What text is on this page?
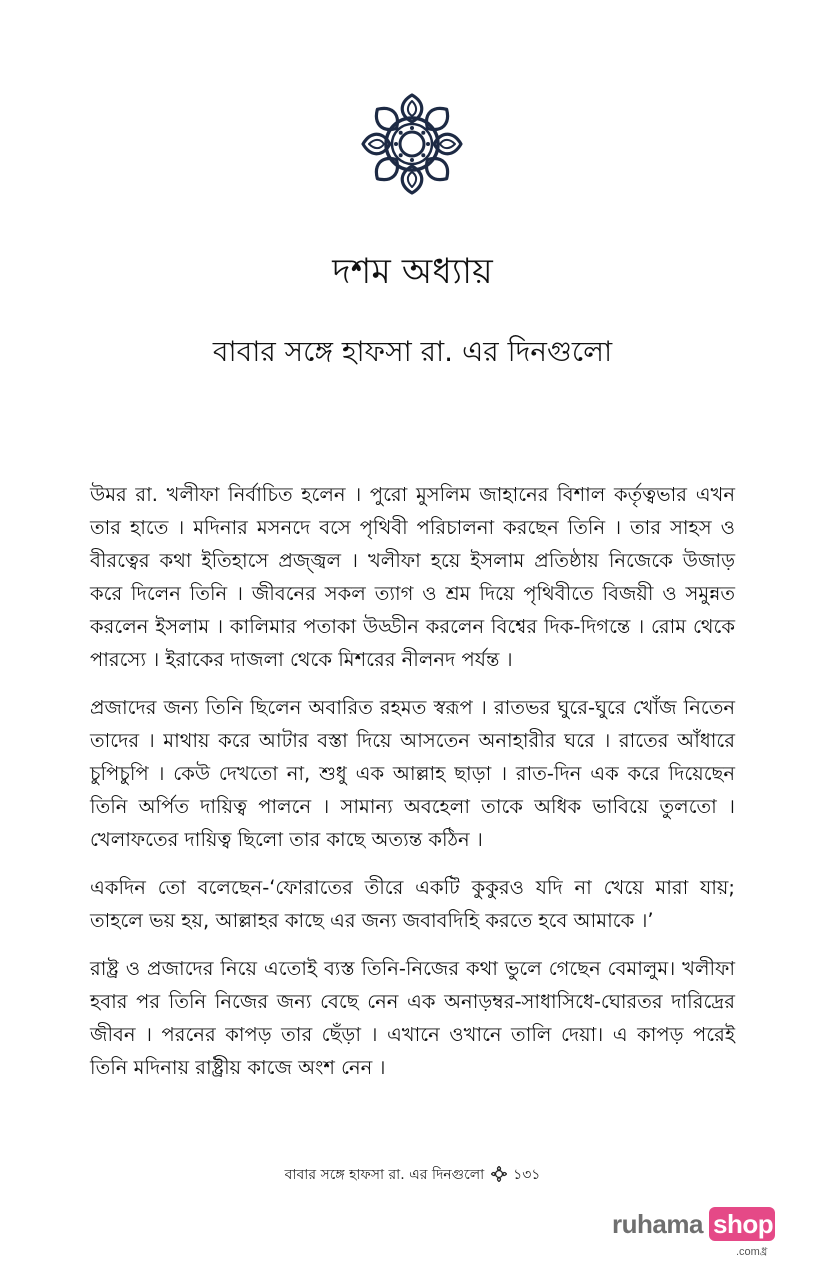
দশম অধ্যায়
বাবার সঙ্গে হাফসা রা. এর দিনগুলো

উমর রা. খলীফা নির্বাচিত হলেন । পুরো মুসলিম জাহানের বিশাল কর্তৃত্বভার এখন তার হাতে । মদিনার মসনদে বসে পৃথিবী পরিচালনা করছেন তিনি । তার সাহস ও বীরত্বের কথা ইতিহাসে প্রজ্জ্বল । খলীফা হয়ে ইসলাম প্রতিষ্ঠায় নিজেকে উজাড় করে দিলেন তিনি । জীবনের সকল ত্যাগ ও শ্রম দিয়ে পৃথিবীতে বিজয়ী ও সমুন্নত করলেন ইসলাম । কালিমার পতাকা উড্ডীন করলেন বিশ্বের দিক-দিগন্তে । রোম থেকে পারস্যে । ইরাকের দাজলা থেকে মিশরের নীলনদ পর্যন্ত ।

প্রজাদের জন্য তিনি ছিলেন অবারিত রহমত স্বরূপ । রাতভর ঘুরে-ঘুরে খোঁজ নিতেন তাদের । মাথায় করে আটার বস্তা দিয়ে আসতেন অনাহারীর ঘরে । রাতের আঁধারে চুপিচুপি । কেউ দেখতো না, শুধু এক আল্লাহ ছাড়া । রাত-দিন এক করে দিয়েছেন তিনি অর্পিত দায়িত্ব পালনে । সামান্য অবহেলা তাকে অধিক ভাবিয়ে তুলতো । খেলাফতের দায়িত্ব ছিলো তার কাছে অত্যন্ত কঠিন ।

একদিন তো বলেছেন-‘ফোরাতের তীরে একটি কুকুরও যদি না খেয়ে মারা যায়; তাহলে ভয় হয়, আল্লাহর কাছে এর জন্য জবাবদিহি করতে হবে আমাকে ।’

রাষ্ট্র ও প্রজাদের নিয়ে এতোই ব্যস্ত তিনি-নিজের কথা ভুলে গেছেন বেমালুম। খলীফা হবার পর তিনি নিজের জন্য বেছে নেন এক অনাড়ম্বর-সাধাসিধে-ঘোরতর দারিদ্রের জীবন । পরনের কাপড় তার ছেঁড়া । এখানে ওখানে তালি দেয়া। এ কাপড় পরেই তিনি মদিনায় রাষ্ট্রীয় কাজে অংশ নেন ।

বাবার সঙ্গে হাফসা রা. এর দিনগুলো ১৩১
ruhama shop
.comধ্র
